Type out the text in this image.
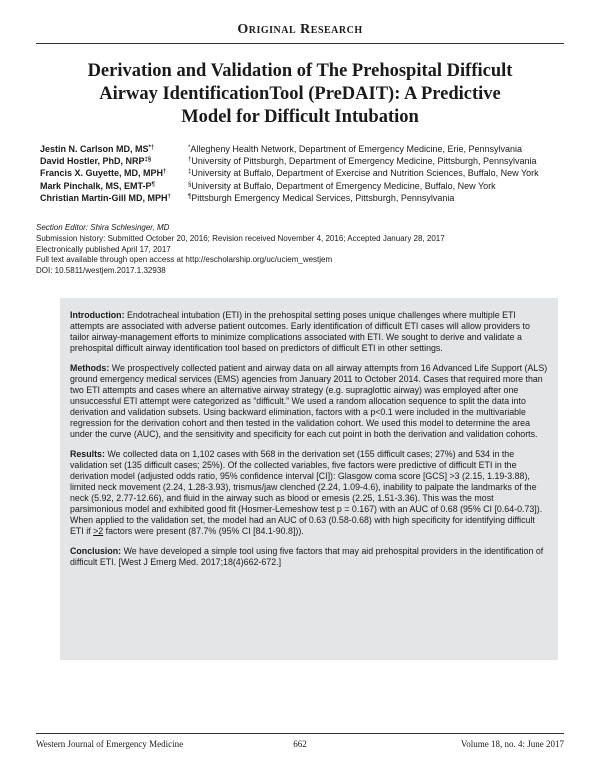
Original Research
Derivation and Validation of The Prehospital Difficult
Airway IdentificationTool (PreDAIT): A Predictive
Model for Difficult Intubation
Jestin N. Carlson MD, MS*†
David Hostler, PhD, NRP‡§
Francis X. Guyette, MD, MPH†
Mark Pinchalk, MS, EMT-P¶
Christian Martin-Gill MD, MPH†
*Allegheny Health Network, Department of Emergency Medicine, Erie, Pennsylvania
†University of Pittsburgh, Department of Emergency Medicine, Pittsburgh, Pennsylvania
‡University at Buffalo, Department of Exercise and Nutrition Sciences, Buffalo, New York
§University at Buffalo, Department of Emergency Medicine, Buffalo, New York
¶Pittsburgh Emergency Medical Services, Pittsburgh, Pennsylvania
Section Editor: Shira Schlesinger, MD
Submission history: Submitted October 20, 2016; Revision received November 4, 2016; Accepted January 28, 2017
Electronically published April 17, 2017
Full text available through open access at http://escholarship.org/uc/uciem_westjem
DOI: 10.5811/westjem.2017.1.32938

Introduction: Endotracheal intubation (ETI) in the prehospital setting poses unique challenges where multiple ETI attempts are associated with adverse patient outcomes. Early identification of difficult ETI cases will allow providers to tailor airway-management efforts to minimize complications associated with ETI. We sought to derive and validate a prehospital difficult airway identification tool based on predictors of difficult ETI in other settings.

Methods: We prospectively collected patient and airway data on all airway attempts from 16 Advanced Life Support (ALS) ground emergency medical services (EMS) agencies from January 2011 to October 2014. Cases that required more than two ETI attempts and cases where an alternative airway strategy (e.g. supraglottic airway) was employed after one unsuccessful ETI attempt were categorized as “difficult.” We used a random allocation sequence to split the data into derivation and validation subsets. Using backward elimination, factors with a p<0.1 were included in the multivariable regression for the derivation cohort and then tested in the validation cohort. We used this model to determine the area under the curve (AUC), and the sensitivity and specificity for each cut point in both the derivation and validation cohorts.

Results: We collected data on 1,102 cases with 568 in the derivation set (155 difficult cases; 27%) and 534 in the validation set (135 difficult cases; 25%). Of the collected variables, five factors were predictive of difficult ETI in the derivation model (adjusted odds ratio, 95% confidence interval [CI]): Glasgow coma score [GCS] >3 (2.15, 1.19-3.88), limited neck movement (2.24, 1.28-3.93), trismus/jaw clenched (2.24, 1.09-4.6), inability to palpate the landmarks of the neck (5.92, 2.77-12.66), and fluid in the airway such as blood or emesis (2.25, 1.51-3.36). This was the most parsimonious model and exhibited good fit (Hosmer-Lemeshow test p = 0.167) with an AUC of 0.68 (95% CI [0.64-0.73]). When applied to the validation set, the model had an AUC of 0.63 (0.58-0.68) with high specificity for identifying difficult ETI if >2 factors were present (87.7% (95% CI [84.1-90.8])).

Conclusion: We have developed a simple tool using five factors that may aid prehospital providers in the identification of difficult ETI. [West J Emerg Med. 2017;18(4)662-672.]

Western Journal of Emergency Medicine	662	Volume 18, no. 4: June 2017
